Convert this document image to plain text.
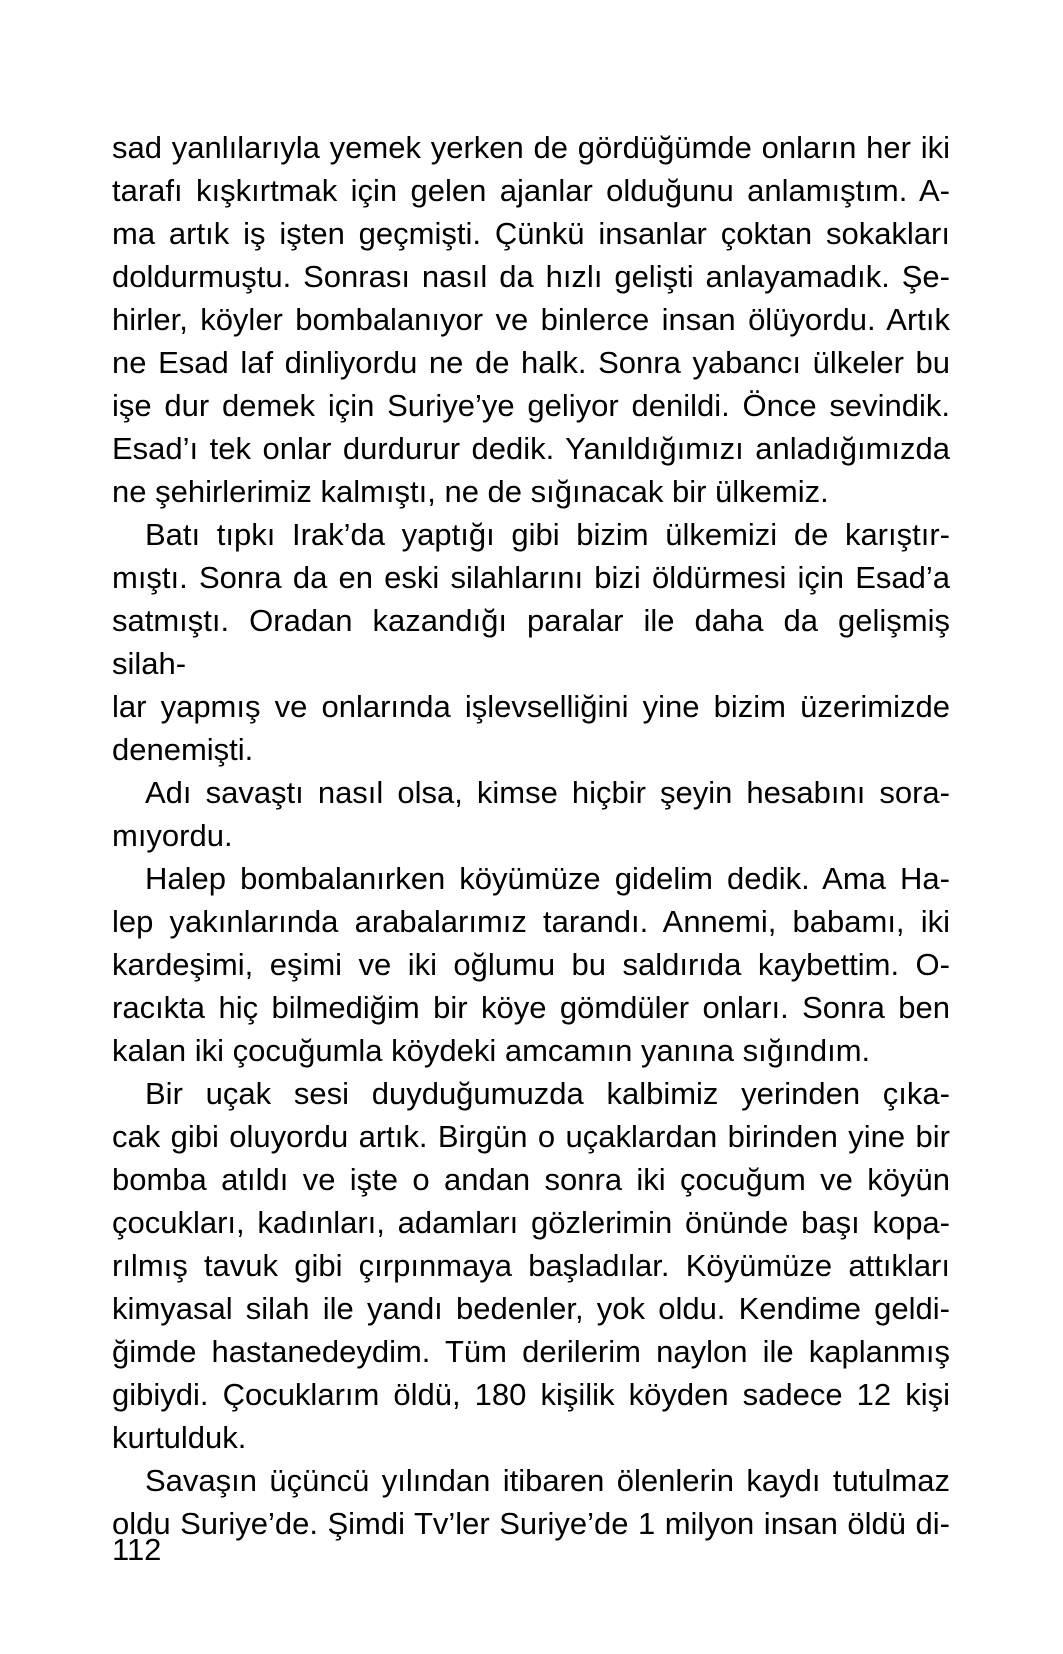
sad yanlılarıyla yemek yerken de gördüğümde onların her iki
tarafı kışkırtmak için gelen ajanlar olduğunu anlamıştım. A-
ma artık iş işten geçmişti. Çünkü insanlar çoktan sokakları
doldurmuştu. Sonrası nasıl da hızlı gelişti anlayamadık. Şe-
hirler, köyler bombalanıyor ve binlerce insan ölüyordu. Artık
ne Esad laf dinliyordu ne de halk. Sonra yabancı ülkeler bu
işe dur demek için Suriye’ye geliyor denildi. Önce sevindik.
Esad’ı tek onlar durdurur dedik. Yanıldığımızı anladığımızda
ne şehirlerimiz kalmıştı, ne de sığınacak bir ülkemiz.
Batı tıpkı Irak’da yaptığı gibi bizim ülkemizi de karıştır-
mıştı. Sonra da en eski silahlarını bizi öldürmesi için Esad’a
satmıştı. Oradan kazandığı paralar ile daha da gelişmiş silah-
lar yapmış ve onlarında işlevselliğini yine bizim üzerimizde
denemişti.
Adı savaştı nasıl olsa, kimse hiçbir şeyin hesabını sora-
mıyordu.
Halep bombalanırken köyümüze gidelim dedik. Ama Ha-
lep yakınlarında arabalarımız tarandı. Annemi, babamı, iki
kardeşimi, eşimi ve iki oğlumu bu saldırıda kaybettim. O-
racıkta hiç bilmediğim bir köye gömdüler onları. Sonra ben
kalan iki çocuğumla köydeki amcamın yanına sığındım.
Bir uçak sesi duyduğumuzda kalbimiz yerinden çıka-
cak gibi oluyordu artık. Birgün o uçaklardan birinden yine bir
bomba atıldı ve işte o andan sonra iki çocuğum ve köyün
çocukları, kadınları, adamları gözlerimin önünde başı kopa-
rılmış tavuk gibi çırpınmaya başladılar. Köyümüze attıkları
kimyasal silah ile yandı bedenler, yok oldu. Kendime geldi-
ğimde hastanedeydim. Tüm derilerim naylon ile kaplanmış
gibiydi. Çocuklarım öldü, 180 kişilik köyden sadece 12 kişi
kurtulduk.
Savaşın üçüncü yılından itibaren ölenlerin kaydı tutulmaz
oldu Suriye’de. Şimdi Tv’ler Suriye’de 1 milyon insan öldü di-
112
